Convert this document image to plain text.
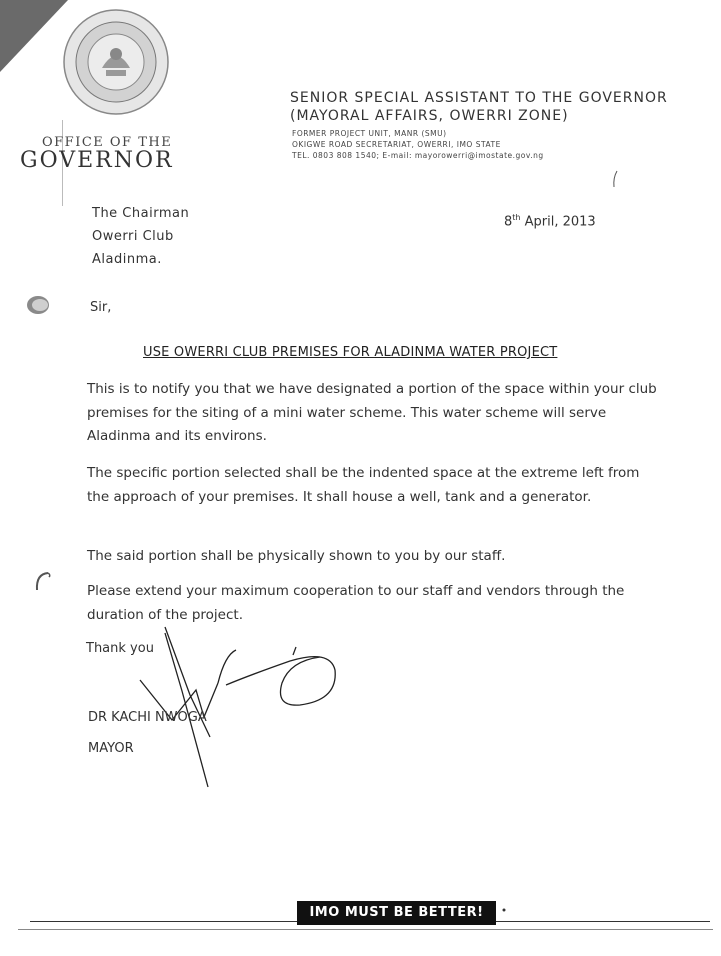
OFFICE OF THE
GOVERNOR
SENIOR SPECIAL ASSISTANT TO THE GOVERNOR
(MAYORAL AFFAIRS, OWERRI ZONE)
FORMER PROJECT UNIT, MANR (SMU)
OKIGWE ROAD SECRETARIAT, OWERRI, IMO STATE
TEL. 0803 808 1540; E-mail: mayorowerri@imostate.gov.ng
The Chairman
Owerri Club
Aladinma.
8th April, 2013
Sir,
USE OWERRI CLUB PREMISES FOR ALADINMA WATER PROJECT
This is to notify you that we have designated a portion of the space within your club premises for the siting of a mini water scheme. This water scheme will serve Aladinma and its environs.
The specific portion selected shall be the indented space at the extreme left from the approach of your premises. It shall house a well, tank and a generator.
The said portion shall be physically shown to you by our staff.
Please extend your maximum cooperation to our staff and vendors through the duration of the project.
Thank you
DR KACHI NWOGA
MAYOR
IMO MUST BE BETTER!
